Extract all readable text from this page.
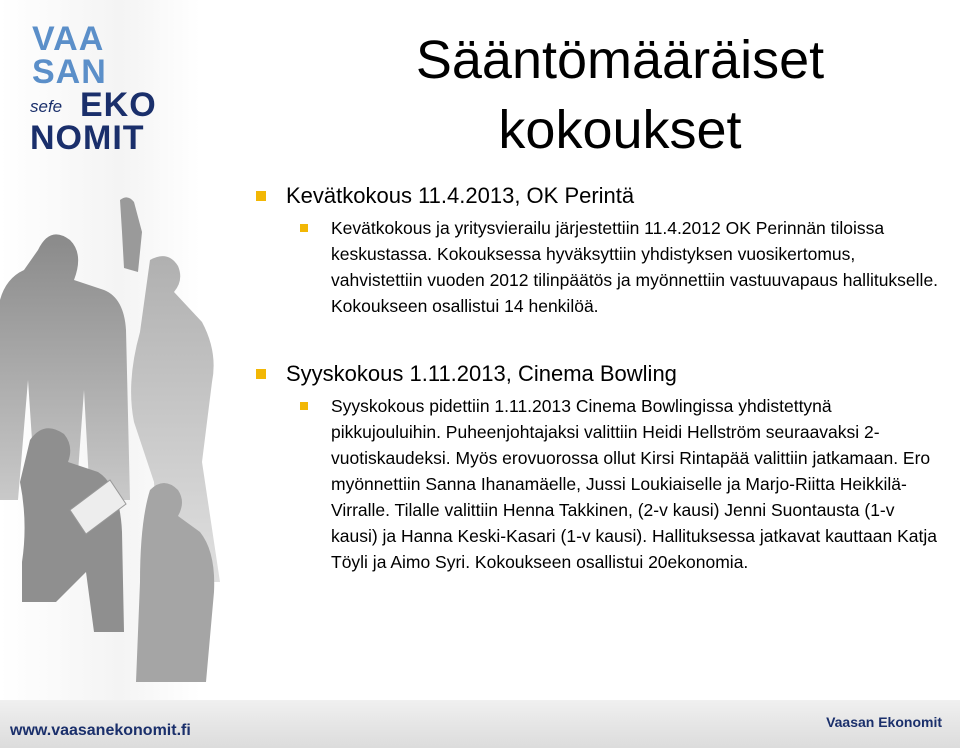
VAA
SAN
sefe EKO
NOMIT
Sääntömääräiset
kokoukset
Kevätkokous 11.4.2013, OK Perintä
Kevätkokous ja yritysvierailu järjestettiin 11.4.2012 OK Perinnän tiloissa keskustassa. Kokouksessa hyväksyttiin yhdistyksen vuosikertomus, vahvistettiin vuoden 2012 tilinpäätös ja myönnettiin vastuuvapaus hallitukselle. Kokoukseen osallistui 14 henkilöä.
Syyskokous 1.11.2013, Cinema Bowling
Syyskokous pidettiin 1.11.2013 Cinema Bowlingissa yhdistettynä pikkujouluihin. Puheenjohtajaksi valittiin Heidi Hellström seuraavaksi 2-vuotiskaudeksi. Myös erovuorossa ollut Kirsi Rintapää valittiin jatkamaan. Ero myönnettiin Sanna Ihanamäelle, Jussi Loukiaiselle ja Marjo-Riitta Heikkilä-Virralle. Tilalle valittiin Henna Takkinen, (2-v kausi) Jenni Suontausta (1-v kausi) ja Hanna Keski-Kasari (1-v kausi). Hallituksessa jatkavat kauttaan Katja Töyli ja Aimo Syri. Kokoukseen osallistui 20ekonomia.
www.vaasanekonomit.fi	Vaasan Ekonomit
